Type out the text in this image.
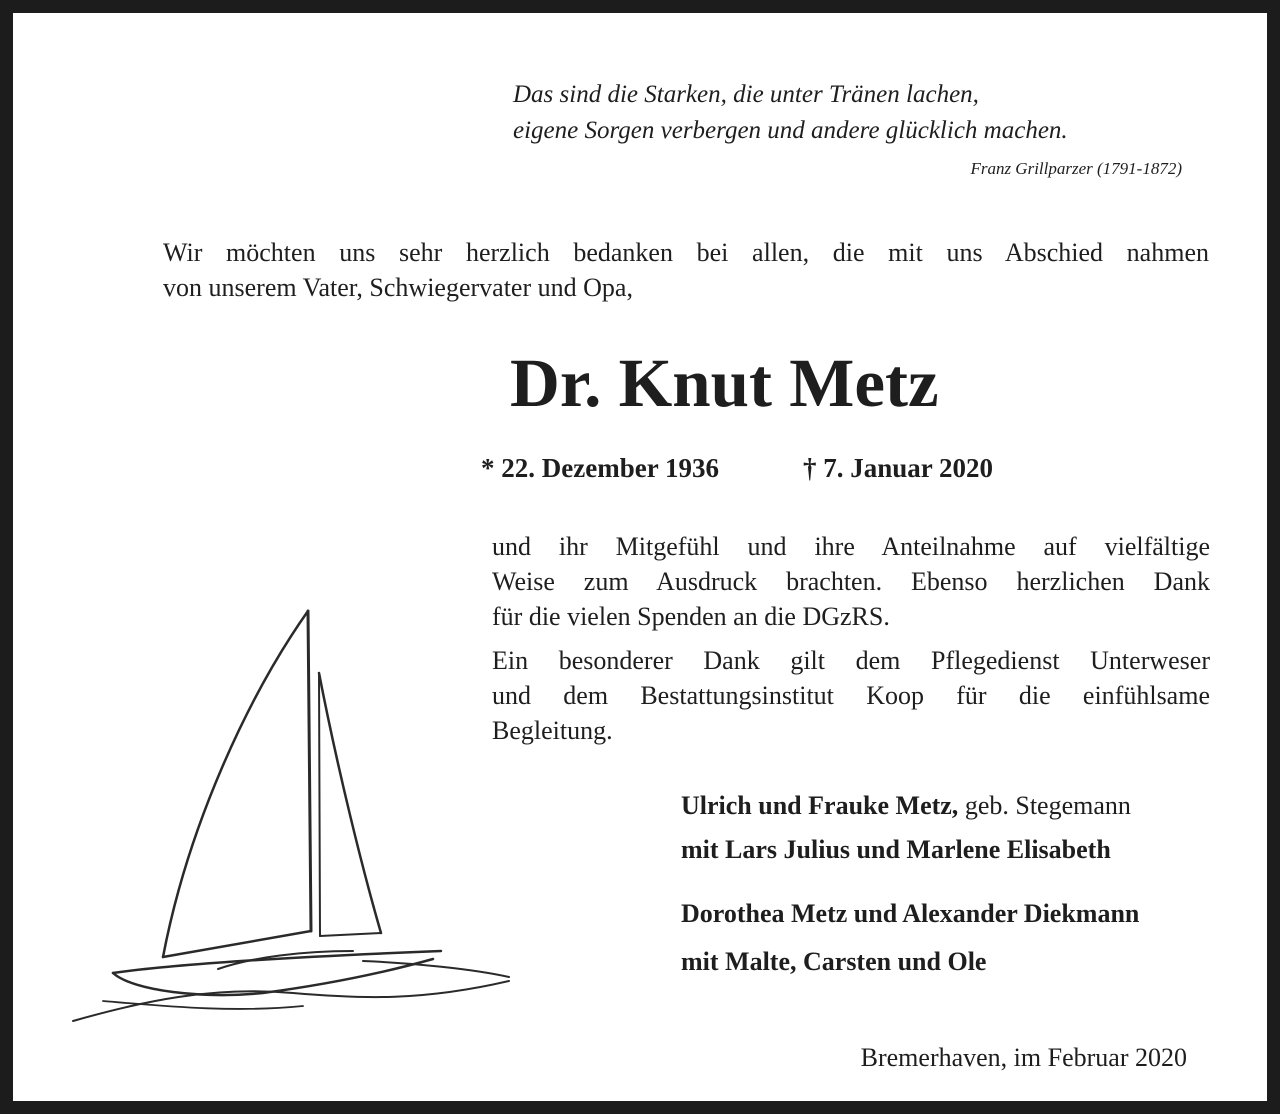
Das sind die Starken, die unter Tränen lachen,
eigene Sorgen verbergen und andere glücklich machen.
Franz Grillparzer (1791-1872)
Wir möchten uns sehr herzlich bedanken bei allen, die mit uns Abschied nahmen
von unserem Vater, Schwiegervater und Opa,
Dr. Knut Metz
* 22. Dezember 1936	† 7. Januar 2020
und ihr Mitgefühl und ihre Anteilnahme auf vielfältige
Weise zum Ausdruck brachten. Ebenso herzlichen Dank
für die vielen Spenden an die DGzRS.
Ein besonderer Dank gilt dem Pflegedienst Unterweser
und dem Bestattungsinstitut Koop für die einfühlsame
Begleitung.
Ulrich und Frauke Metz, geb. Stegemann
mit Lars Julius und Marlene Elisabeth
Dorothea Metz und Alexander Diekmann
mit Malte, Carsten und Ole
Bremerhaven, im Februar 2020
